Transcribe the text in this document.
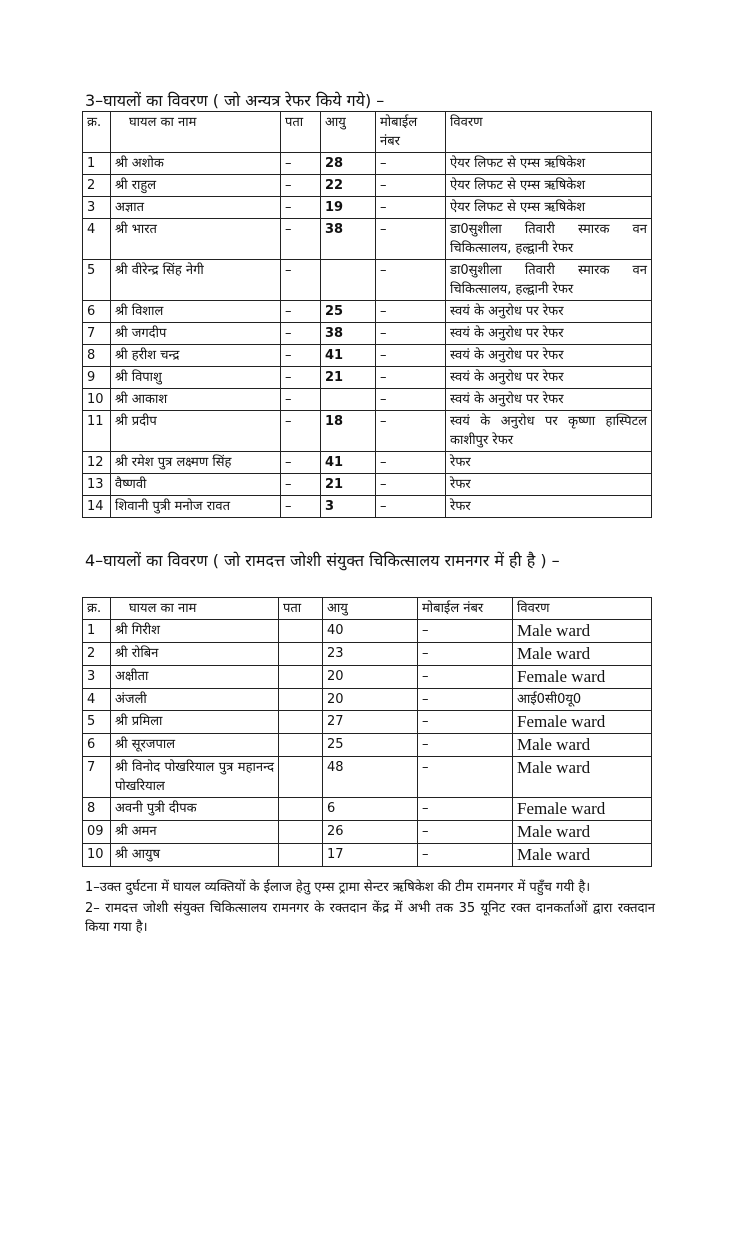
3–घायलों का विवरण ( जो अन्यत्र रेफर किये गये) –
क्र.	घायल का नाम	पता	आयु	मोबाईल नंबर	विवरण
1	श्री अशोक	–	28	–	ऐयर लिफट से एम्स ऋषिकेश
2	श्री राहुल	–	22	–	ऐयर लिफट से एम्स ऋषिकेश
3	अज्ञात	–	19	–	ऐयर लिफट से एम्स ऋषिकेश
4	श्री भारत	–	38	–	डा0सुशीला तिवारी स्मारक वन चिकित्सालय, हल्द्वानी रेफर
5	श्री वीरेन्द्र सिंह नेगी	–		–	डा0सुशीला तिवारी स्मारक वन चिकित्सालय, हल्द्वानी रेफर
6	श्री विशाल	–	25	–	स्वयं के अनुरोध पर रेफर
7	श्री जगदीप	–	38	–	स्वयं के अनुरोध पर रेफर
8	श्री हरीश चन्द्र	–	41	–	स्वयं के अनुरोध पर रेफर
9	श्री विपाशु	–	21	–	स्वयं के अनुरोध पर रेफर
10	श्री आकाश	–		–	स्वयं के अनुरोध पर रेफर
11	श्री प्रदीप	–	18	–	स्वयं के अनुरोध पर कृष्णा हास्पिटल काशीपुर रेफर
12	श्री रमेश पुत्र लक्ष्मण सिंह	–	41	–	रेफर
13	वैष्णवी	–	21	–	रेफर
14	शिवानी पुत्री मनोज रावत	–	3	–	रेफर
4–घायलों का विवरण ( जो रामदत्त जोशी संयुक्त चिकित्सालय रामनगर में ही है ) –
क्र.	घायल का नाम	पता	आयु	मोबाईल नंबर	विवरण
1	श्री गिरीश		40	–	Male ward
2	श्री रोबिन		23	–	Male ward
3	अक्षीता		20	–	Female ward
4	अंजली		20	–	आई0सी0यू0
5	श्री प्रमिला		27	–	Female ward
6	श्री सूरजपाल		25	–	Male ward
7	श्री विनोद पोखरियाल पुत्र महानन्द पोखरियाल		48	–	Male ward
8	अवनी पुत्री दीपक		6	–	Female ward
09	श्री अमन		26	–	Male ward
10	श्री आयुष		17	–	Male ward

1–उक्त दुर्घटना में घायल व्यक्तियों के ईलाज हेतु एम्स ट्रामा सेन्टर ऋषिकेश की टीम रामनगर में पहुँच गयी है।

2– रामदत्त जोशी संयुक्त चिकित्सालय रामनगर के रक्तदान केंद्र में अभी तक 35 यूनिट रक्त दानकर्ताओं द्वारा रक्तदान किया गया है।
